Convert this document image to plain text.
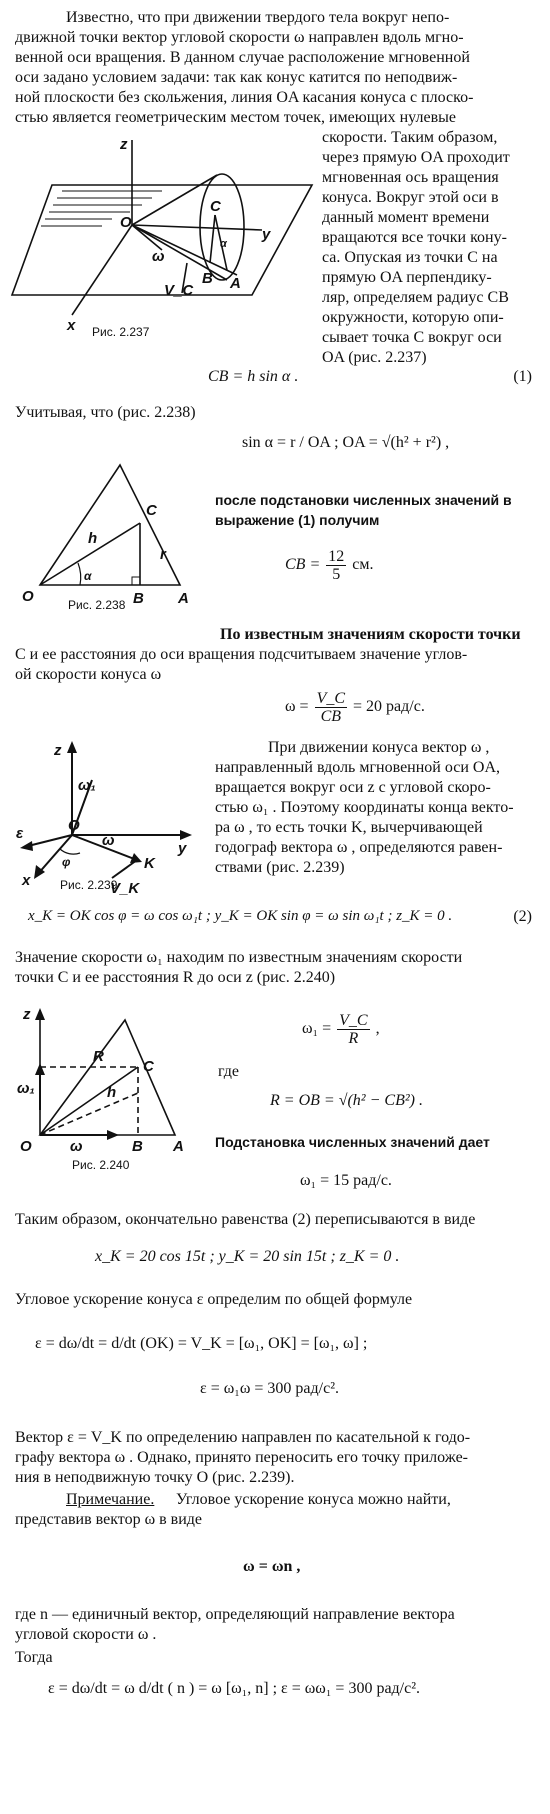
Известно, что при движении твердого тела вокруг непо-
движной точки вектор угловой скорости ω направлен вдоль мгно-
венной оси вращения. В данном случае расположение мгновенной
оси задано условием задачи: так как конус катится по неподвиж-
ной плоскости без скольжения, линия OA касания конуса с плоско-
стью является геометрическим местом точек, имеющих нулевые
скорости. Таким образом,
через прямую OA проходит
мгновенная ось вращения
конуса. Вокруг этой оси в
данный момент времени
вращаются все точки кону-
са. Опуская из точки C на
прямую OA перпендику-
ляр, определяем радиус CB
окружности, которую опи-
сывает точка C вокруг оси
OA (рис. 2.237)
z
O
ω
y
C
V_C
B A
x
α
Рис. 2.237
CB = h sin α .	(1)
Учитывая, что (рис. 2.238)
sin α = r / OA ; OA = √(h² + r²) ,
O
α
h
C
r
B A
Рис. 2.238
после подстановки численных значений в
выражение (1) получим
CB = $\frac{12}{5}$ см.
По известным значениям скорости точки
C и ее расстояния до оси вращения подсчитываем значение углов-
ой скорости конуса ω
$\omega = \frac{V\_C}{CB} = 20$ рад/с.
z
ω₁
ε	O
φ
ω	y
x
K
V_K
Рис. 2.239
При движении конуса вектор ω ,
направленный вдоль мгновенной оси OA,
вращается вокруг оси z с угловой скоро-
стью ω₁ . Поэтому координаты конца векто-
ра ω , то есть точки K, вычерчивающей
годограф вектора ω , определяются равен-
ствами (рис. 2.239)
x_K = OK cos φ = ω cos ω₁t ; y_K = OK sin φ = ω sin ω₁t ; z_K = 0 .	(2)
Значение скорости ω₁ находим по известным значениям скорости
точки C и ее расстояния R до оси z (рис. 2.240)
z
ω₁
R
C
h
O	ω	B A
Рис. 2.240
$\omega_1 = \frac{V\_C}{R}$ ,
где
R = OB = √(h² − CB²) .
Подстановка численных значений дает
ω₁ = 15 рад/с.
Таким образом, окончательно равенства (2) переписываются в виде
x_K = 20 cos 15t ; y_K = 20 sin 15t ; z_K = 0 .
Угловое ускорение конуса ε определим по общей формуле
ε = dω/dt = d/dt (OK) = V_K = [ω₁, OK] = [ω₁, ω] ;
ε = ω₁ω = 300 рад/с².
Вектор ε = V_K по определению направлен по касательной к годо-
графу вектора ω . Однако, принято переносить его точку приложе-
ния в неподвижную точку O (рис. 2.239).
Примечание. Угловое ускорение конуса можно найти,
представив вектор ω в виде
ω = ωn ,
где n — единичный вектор, определяющий направление вектора
угловой скорости ω .
Тогда
ε = dω/dt = ω d/dt ( n ) = ω [ω₁, n] ; ε = ωω₁ = 300 рад/с².
